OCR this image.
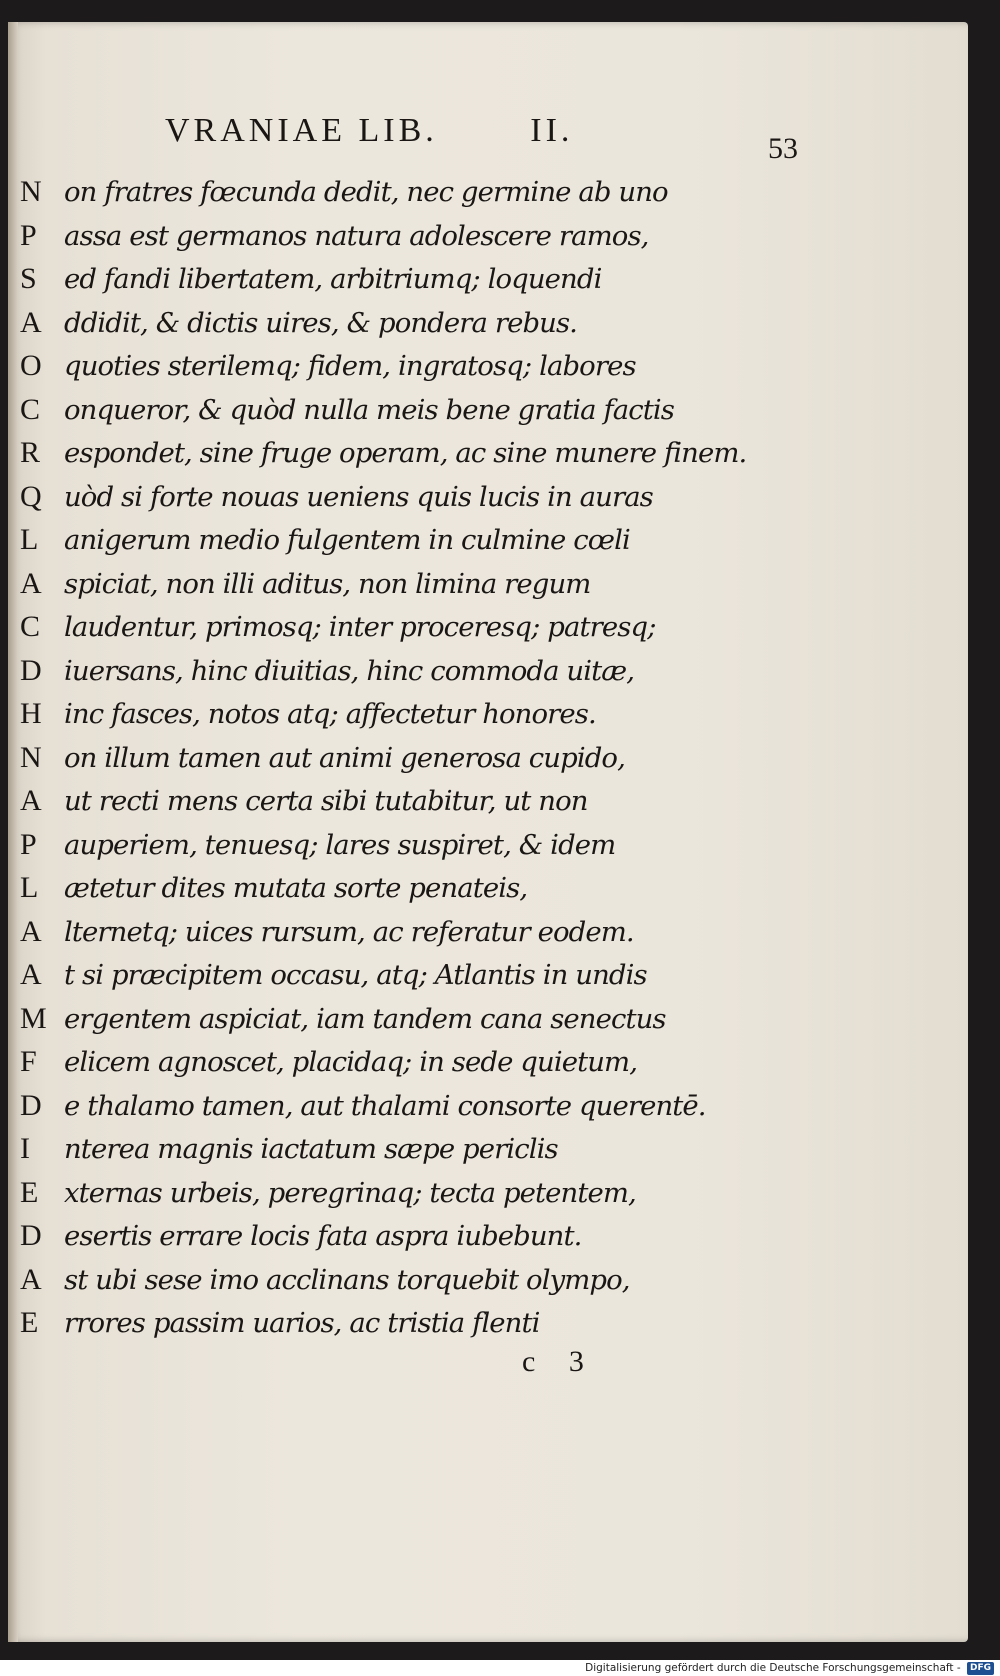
VRANIAE LIB.	II.	53
N on fratres fœcunda dedit, nec germine ab uno
P assa est germanos natura adolescere ramos,
S ed fandi libertatem, arbitriumq; loquendi
A ddidit, & dictis uires, & pondera rebus.
O quoties sterilemq; fidem, ingratosq; labores
C onqueror, & quòd nulla meis bene gratia factis
R espondet, sine fruge operam, ac sine munere finem.
Q uòd si forte nouas ueniens quis lucis in auras
L anigerum medio fulgentem in culmine cœli
A spiciat, non illi aditus, non limina regum
C laudentur, primosq; inter proceresq; patresq;
D iuersans, hinc diuitias, hinc commoda uitæ,
H inc fasces, notos atq; affectetur honores.
N on illum tamen aut animi generosa cupido,
A ut recti mens certa sibi tutabitur, ut non
P auperiem, tenuesq; lares suspiret, & idem
L ætetur dites mutata sorte penateis,
A lternetq; uices rursum, ac referatur eodem.
A t si præcipitem occasu, atq; Atlantis in undis
M ergentem aspiciat, iam tandem cana senectus
F elicem agnoscet, placidaq; in sede quietum,
D e thalamo tamen, aut thalami consorte querentē.
I nterea magnis iactatum sæpe periclis
E xternas urbeis, peregrinaq; tecta petentem,
D esertis errare locis fata aspra iubebunt.
A st ubi sese imo acclinans torquebit olympo,
E rrores passim uarios, ac tristia flenti
c 3
Digitalisierung gefördert durch die Deutsche Forschungsgemeinschaft - DFG
